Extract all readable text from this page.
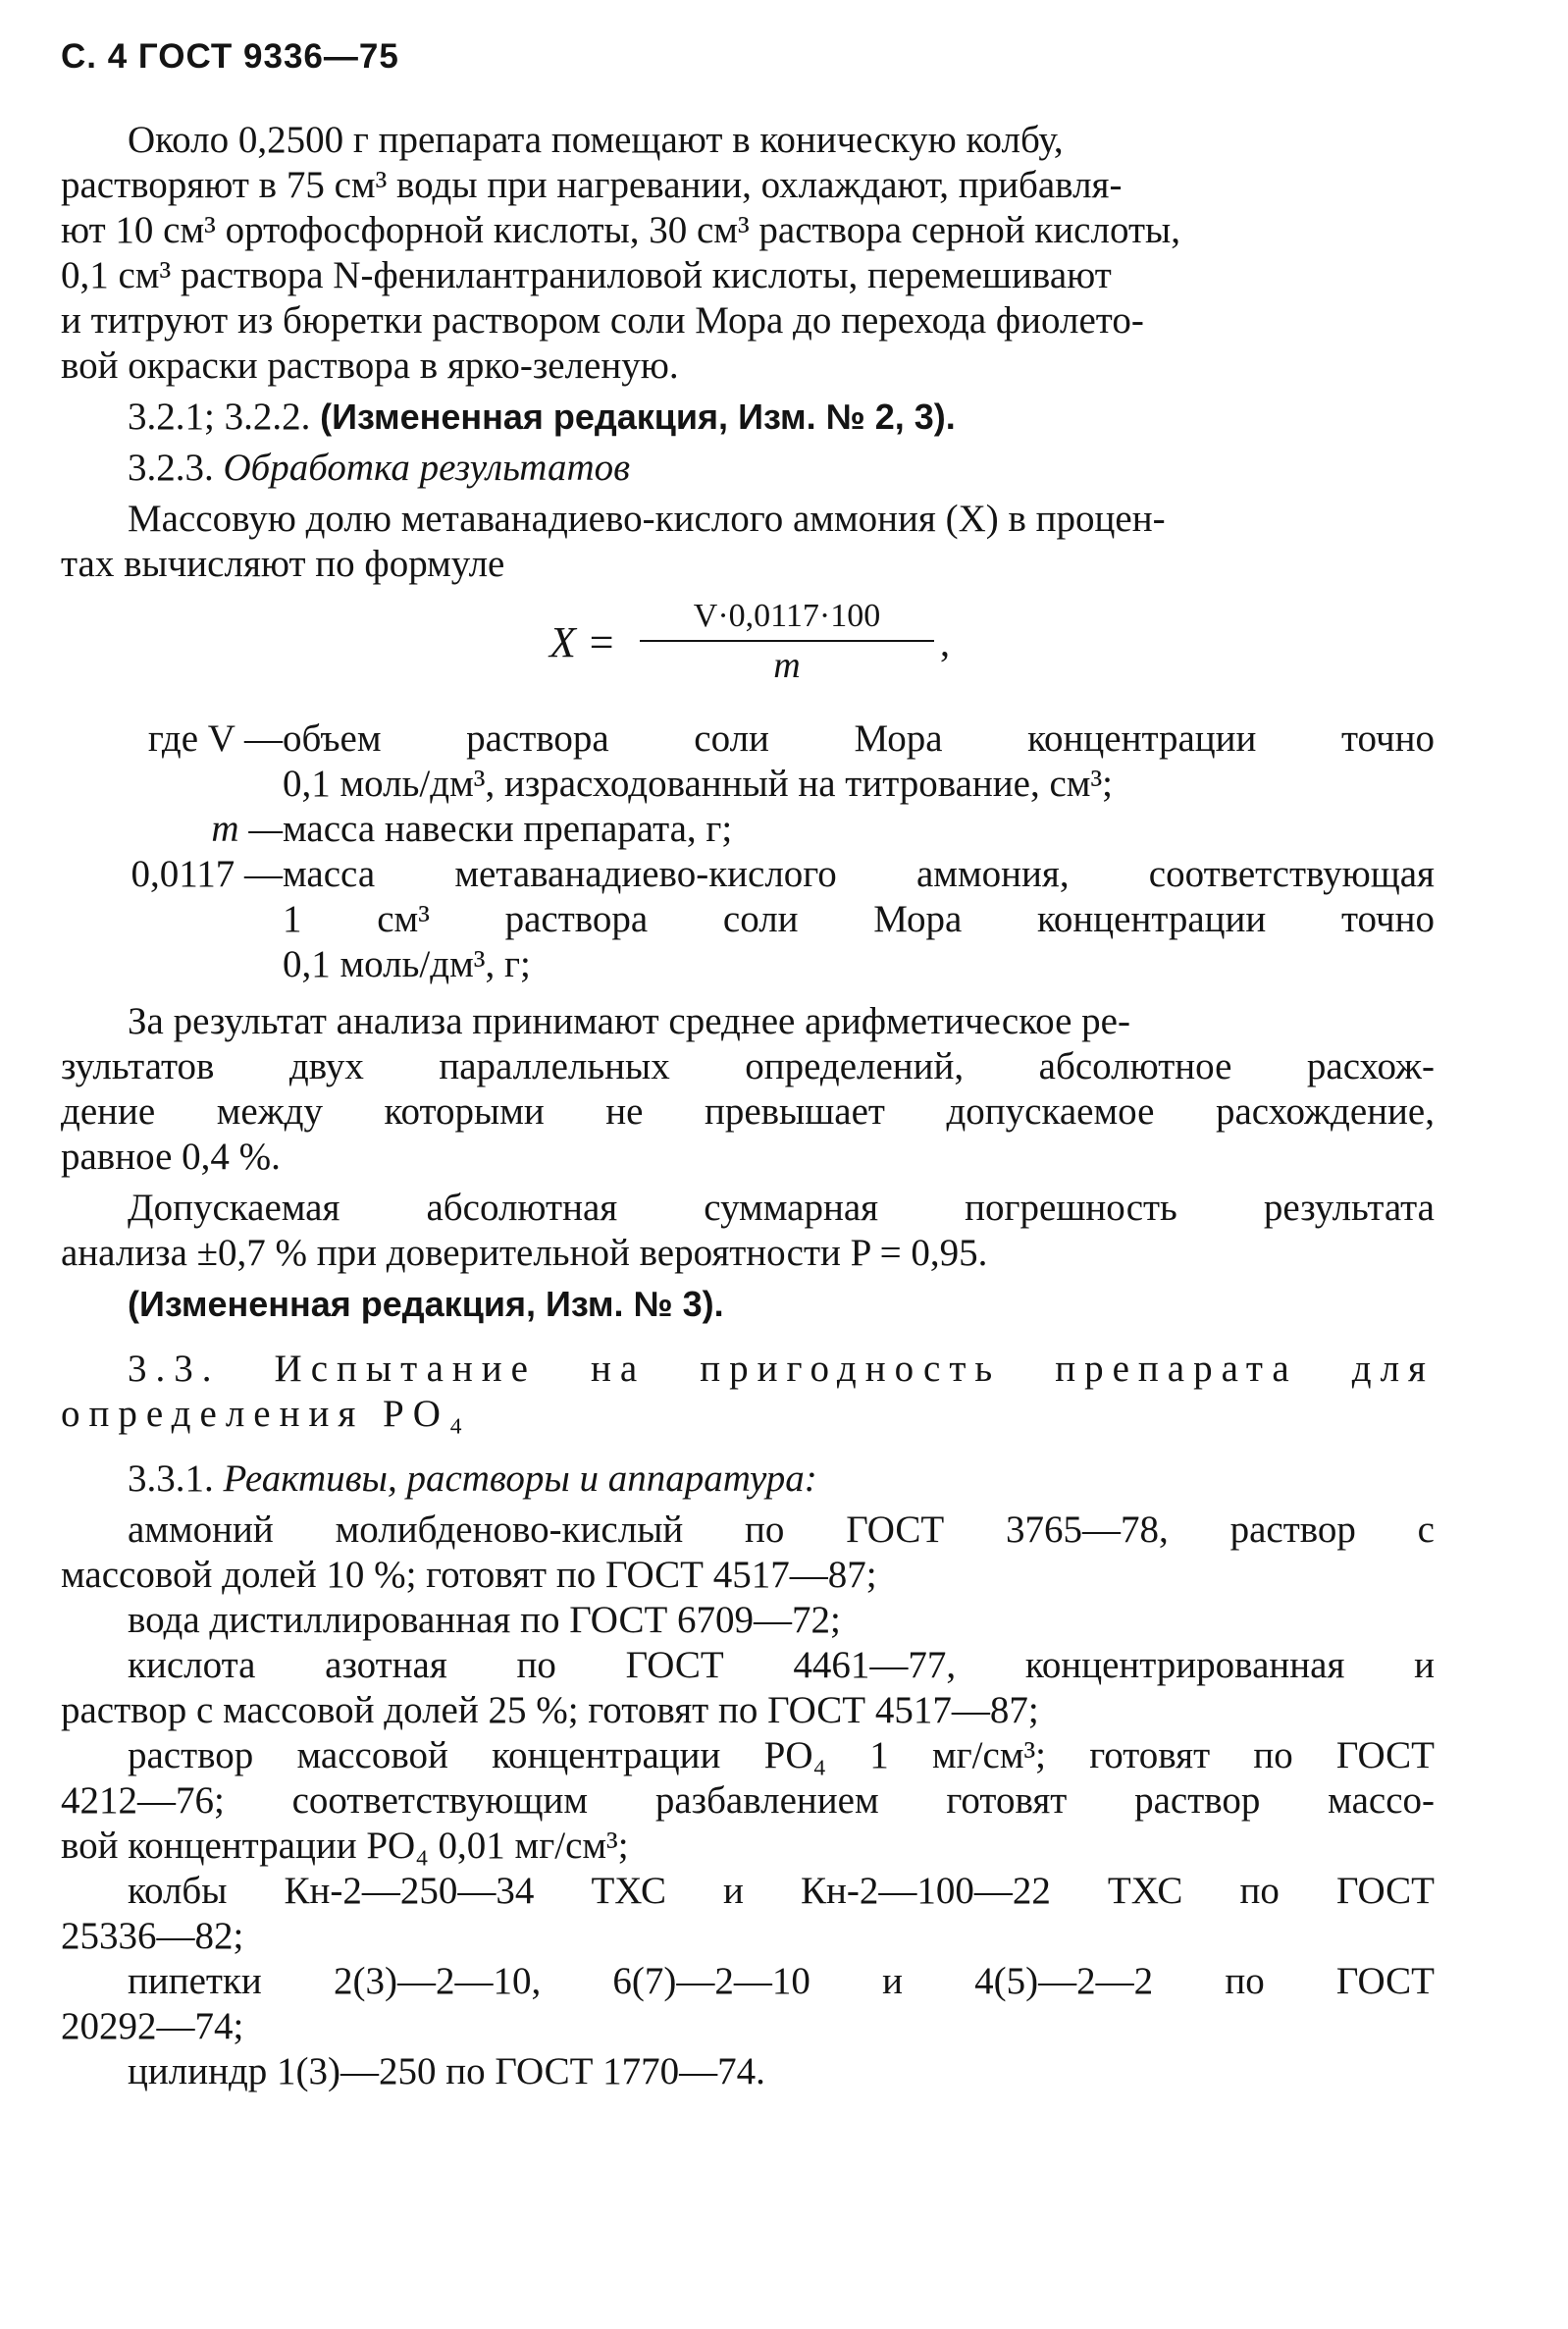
С. 4 ГОСТ 9336—75

Около 0,2500 г препарата помещают в коническую колбу,

растворяют в 75 см³ воды при нагревании, охлаждают, прибавля-

ют 10 см³ ортофосфорной кислоты, 30 см³ раствора серной кислоты,

0,1 см³ раствора N-фенилантраниловой кислоты, перемешивают

и титруют из бюретки раствором соли Мора до перехода фиолето-

вой окраски раствора в ярко-зеленую.

3.2.1; 3.2.2. (Измененная редакция, Изм. № 2, 3).

3.2.3. Обработка результатов

Массовую долю метаванадиево-кислого аммония (X) в процен-

тах вычисляют по формуле

X =
V·0,0117·100
m
,
где V — объем раствора соли Мора концентрации точно

0,1 моль/дм³, израсходованный на титрование, см³;

m — масса навески препарата, г;

0,0117 — масса метаванадиево-кислого аммония, соответствующая

1 см³ раствора соли Мора концентрации точно

0,1 моль/дм³, г;

За результат анализа принимают среднее арифметическое ре-

зультатов двух параллельных определений, абсолютное расхож-

дение между которыми не превышает допускаемое расхождение,

равное 0,4 %.

Допускаемая абсолютная суммарная погрешность результата

анализа ±0,7 % при доверительной вероятности P = 0,95.

(Измененная редакция, Изм. № 3).

3.3. Испытание на пригодность препарата для

определения PO₄

3.3.1. Реактивы, растворы и аппаратура:

аммоний молибденово-кислый по ГОСТ 3765—78, раствор с

массовой долей 10 %; готовят по ГОСТ 4517—87;

вода дистиллированная по ГОСТ 6709—72;

кислота азотная по ГОСТ 4461—77, концентрированная и

раствор с массовой долей 25 %; готовят по ГОСТ 4517—87;

раствор массовой концентрации PO₄ 1 мг/см³; готовят по ГОСТ

4212—76; соответствующим разбавлением готовят раствор массо-

вой концентрации PO₄ 0,01 мг/см³;

колбы Кн-2—250—34 ТХС и Кн-2—100—22 ТХС по ГОСТ

25336—82;

пипетки 2(3)—2—10, 6(7)—2—10 и 4(5)—2—2 по ГОСТ

20292—74;

цилиндр 1(3)—250 по ГОСТ 1770—74.
